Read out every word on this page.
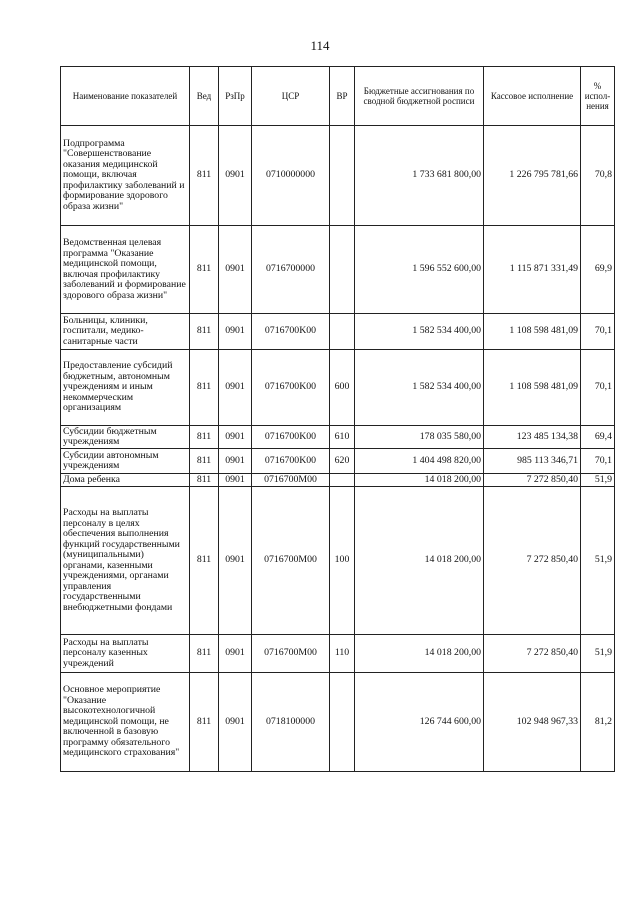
114
Наименование показателей	Вед	РзПр	ЦСР	ВР	Бюджетные ассигнования по сводной бюджетной росписи	Кассовое исполнение	% испол-нения
Подпрограмма "Совершенствование оказания медицинской помощи, включая профилактику заболеваний и формирование здорового образа жизни"	811	0901	0710000000		1 733 681 800,00	1 226 795 781,66	70,8
Ведомственная целевая программа "Оказание медицинской помощи, включая профилактику заболеваний и формирование здорового образа жизни"	811	0901	0716700000		1 596 552 600,00	1 115 871 331,49	69,9
Больницы, клиники, госпитали, медико-санитарные части	811	0901	0716700K00		1 582 534 400,00	1 108 598 481,09	70,1
Предоставление субсидий бюджетным, автономным учреждениям и иным некоммерческим организациям	811	0901	0716700K00	600	1 582 534 400,00	1 108 598 481,09	70,1
Субсидии бюджетным учреждениям	811	0901	0716700K00	610	178 035 580,00	123 485 134,38	69,4
Субсидии автономным учреждениям	811	0901	0716700K00	620	1 404 498 820,00	985 113 346,71	70,1
Дома ребенка	811	0901	0716700M00		14 018 200,00	7 272 850,40	51,9
Расходы на выплаты персоналу в целях обеспечения выполнения функций государственными (муниципальными) органами, казенными учреждениями, органами управления государственными внебюджетными фондами	811	0901	0716700M00	100	14 018 200,00	7 272 850,40	51,9
Расходы на выплаты персоналу казенных учреждений	811	0901	0716700M00	110	14 018 200,00	7 272 850,40	51,9
Основное мероприятие "Оказание высокотехнологичной медицинской помощи, не включенной в базовую программу обязательного медицинского страхования"	811	0901	0718100000		126 744 600,00	102 948 967,33	81,2
